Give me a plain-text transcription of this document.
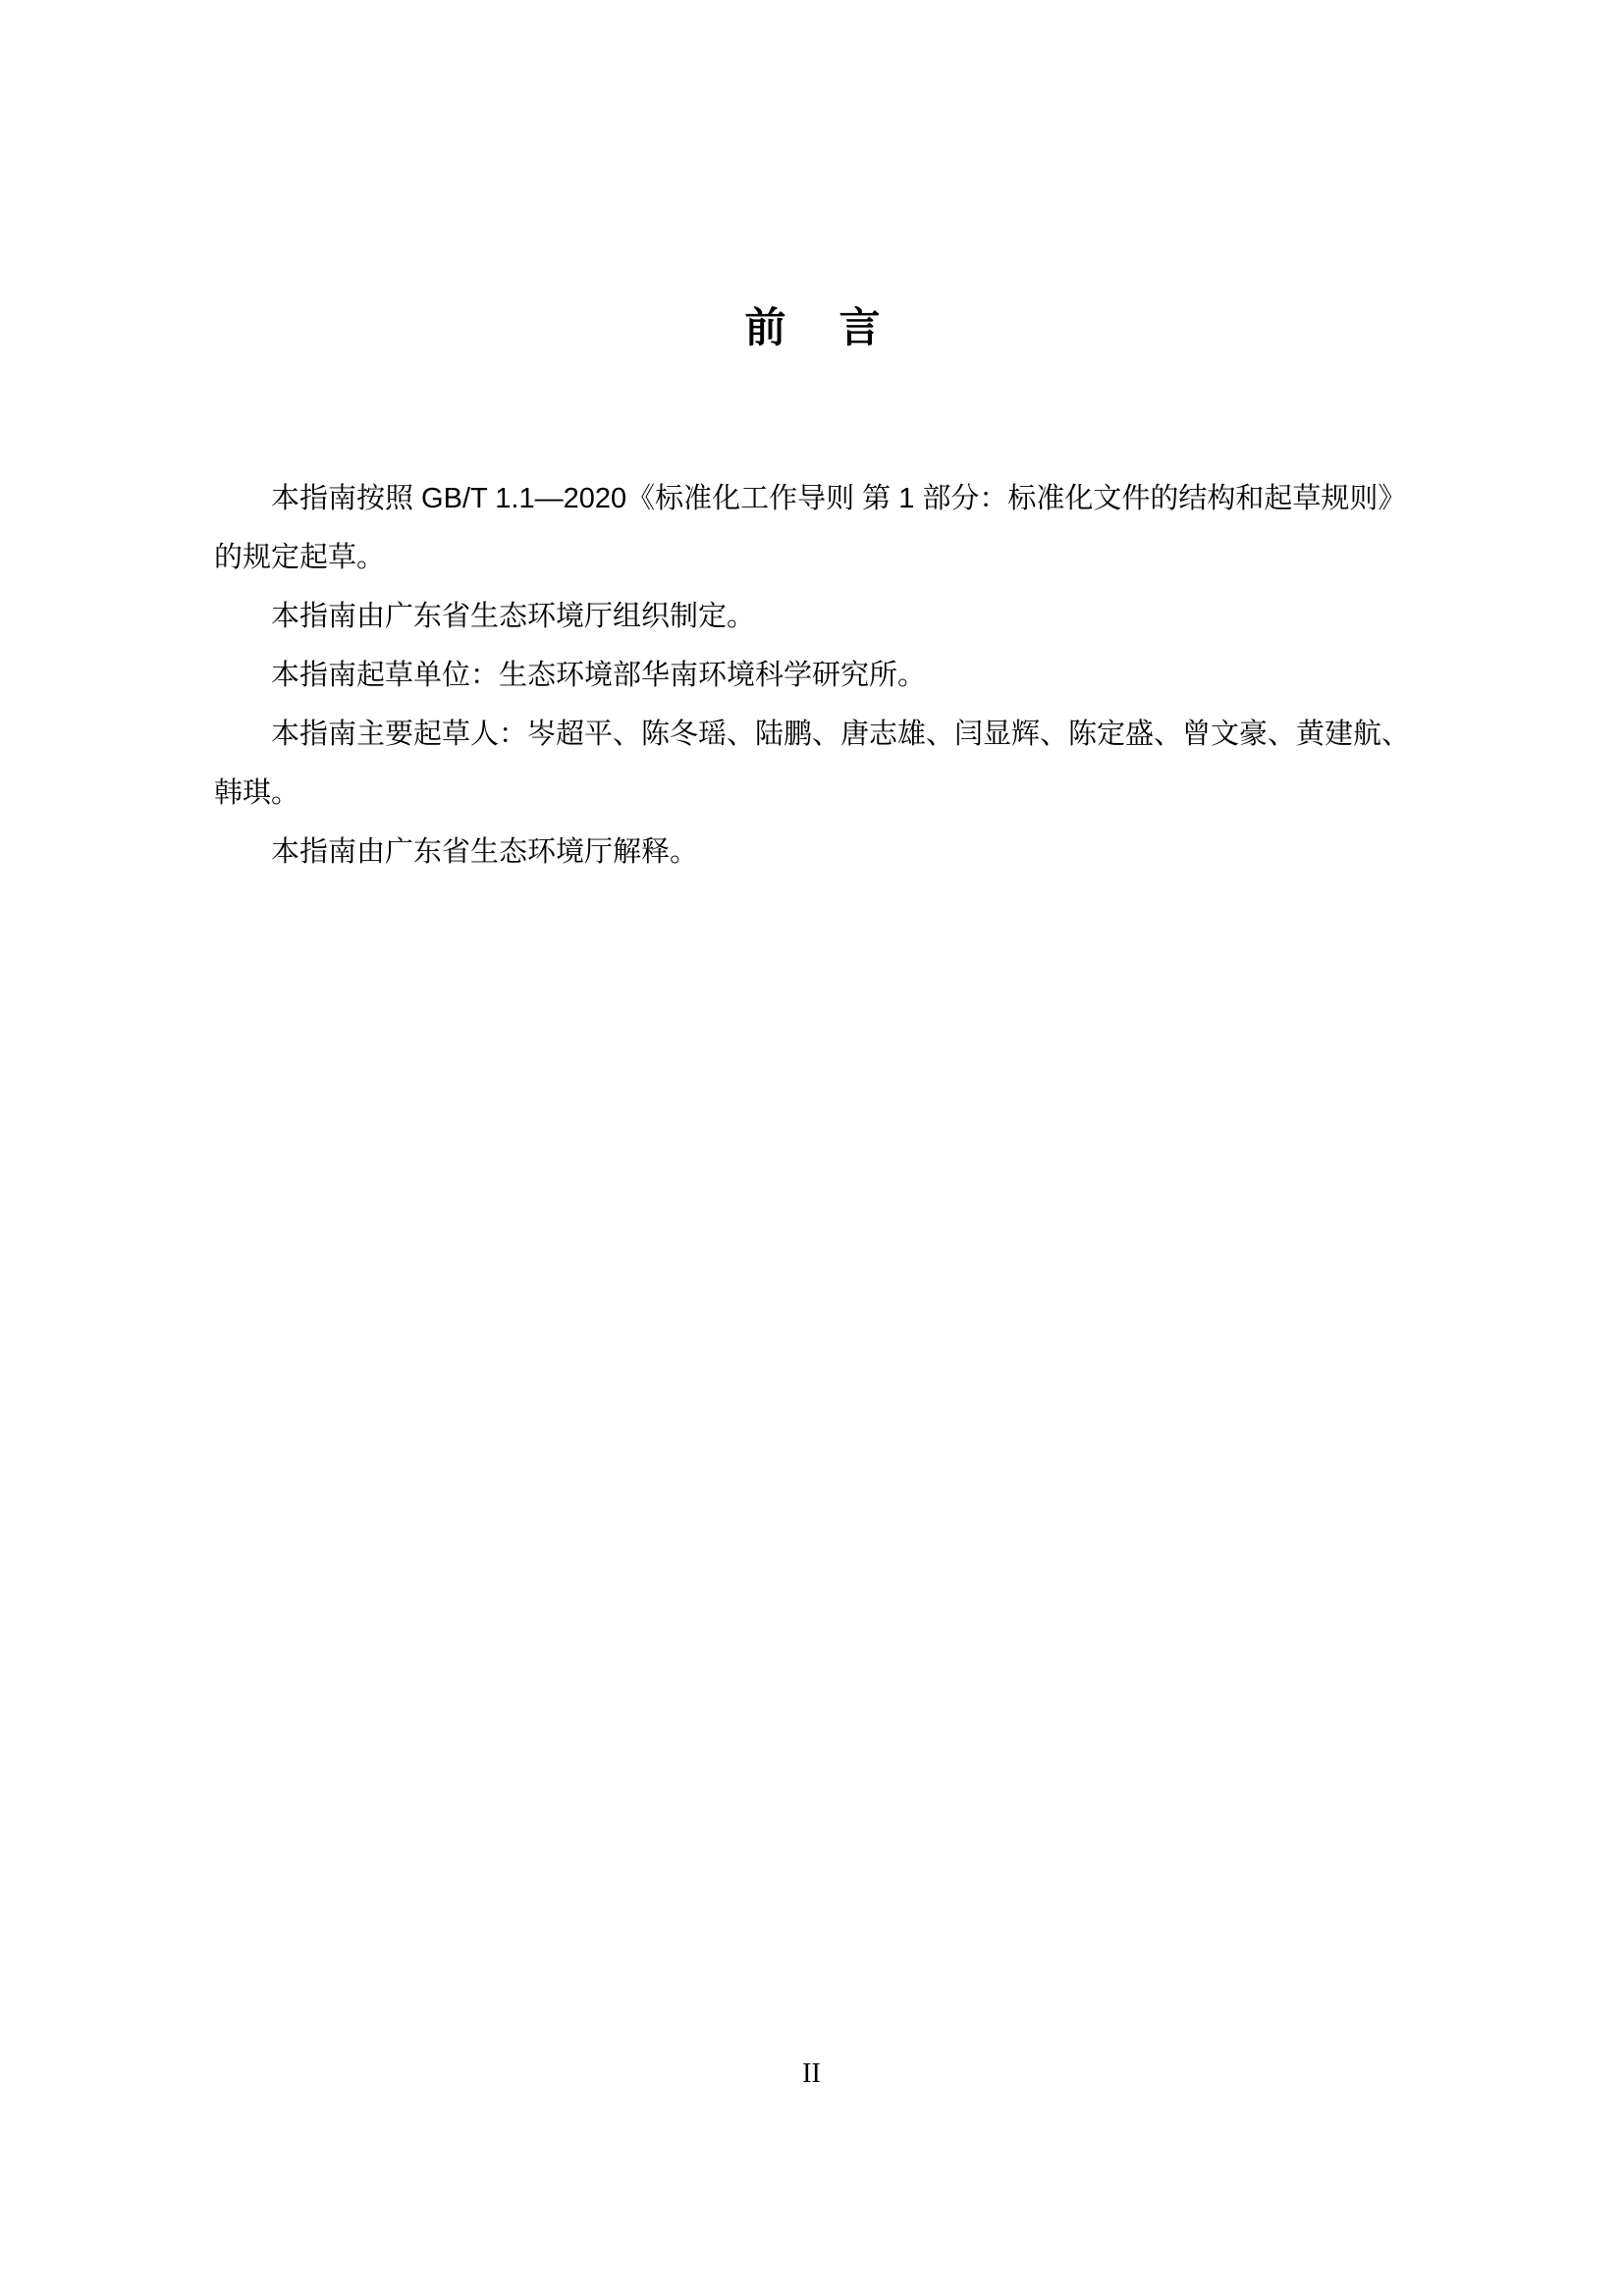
前　言
本指南按照 GB/T 1.1—2020《标准化工作导则 第 1 部分：标准化文件的结构和起草规则》
的规定起草。
本指南由广东省生态环境厅组织制定。
本指南起草单位：生态环境部华南环境科学研究所。
本指南主要起草人：岑超平、陈冬瑶、陆鹏、唐志雄、闫显辉、陈定盛、曾文豪、黄建航、
韩琪。
本指南由广东省生态环境厅解释。
II
